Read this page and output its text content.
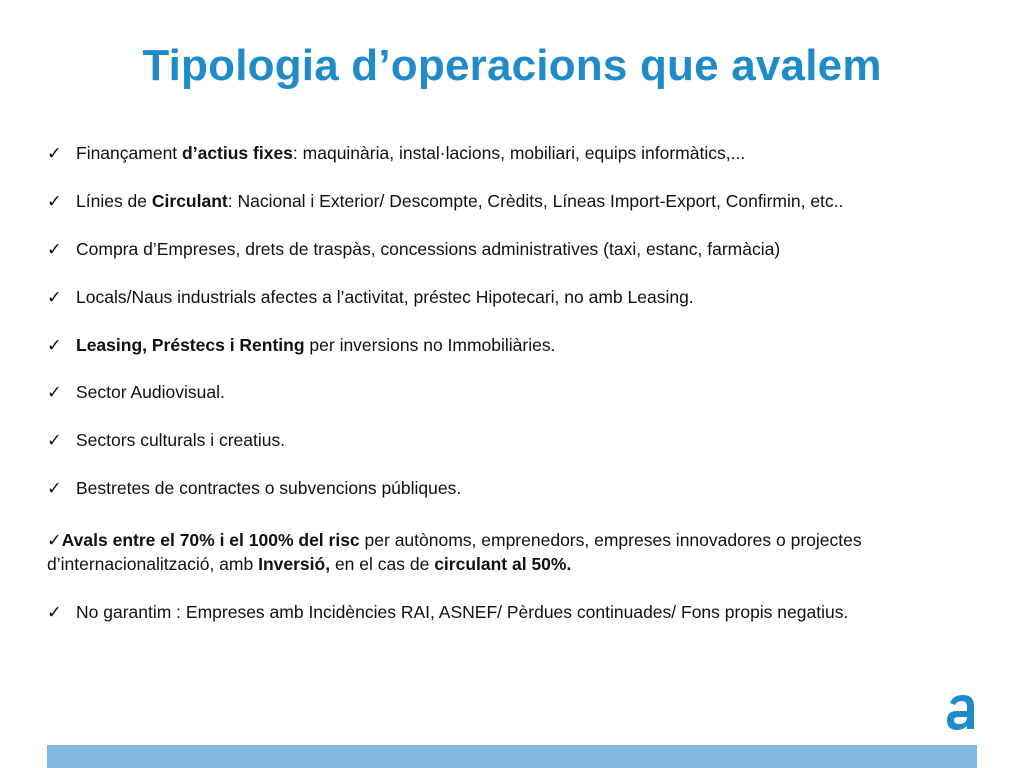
Tipologia d’operacions que avalem
✓ Finançament d’actius fixes: maquinària, instal·lacions, mobiliari, equips informàtics,...
✓ Línies de Circulant: Nacional i Exterior/ Descompte, Crèdits, Líneas Import-Export, Confirmin, etc..
✓ Compra d’Empreses, drets de traspàs, concessions administratives (taxi, estanc, farmàcia)
✓ Locals/Naus industrials afectes a l’activitat, préstec Hipotecari, no amb Leasing.
✓ Leasing, Préstecs i Renting per inversions no Immobiliàries.
✓ Sector Audiovisual.
✓ Sectors culturals i creatius.
✓ Bestretes de contractes o subvencions públiques.
✓Avals entre el 70% i el 100% del risc per autònoms, emprenedors, empreses innovadores o projectes d’internacionalització, amb Inversió, en el cas de circulant al 50%.
✓ No garantim : Empreses amb Incidències RAI, ASNEF/ Pèrdues continuades/ Fons propis negatius.
